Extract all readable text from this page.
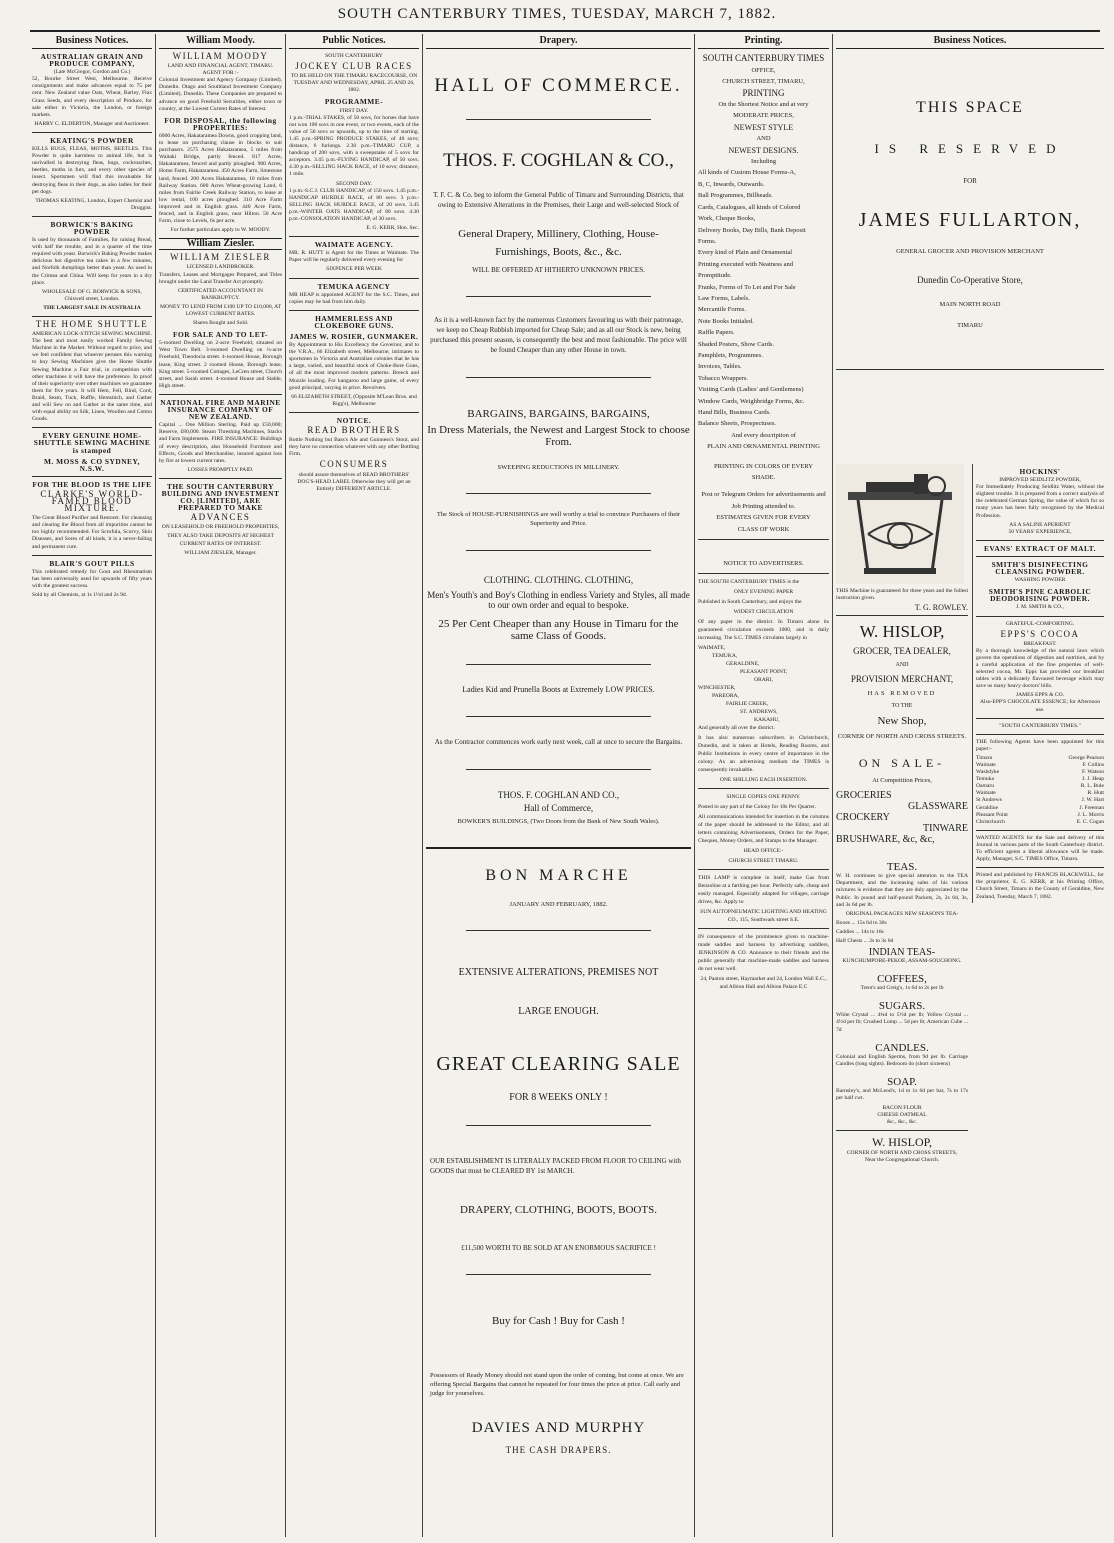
SOUTH CANTERBURY TIMES, TUESDAY, MARCH 7, 1882.
Business Notices.
AUSTRALIAN GRAIN AND PRODUCE COMPANY,
(Late McGregor, Gordon and Co.)

52, Bourke Street West, Melbourne. Receive consignments and make advances equal to 75 per cent. New Zealand value Oats, Wheat, Barley, Flax Grass Seeds, and every description of Produce, for sale either in Victoria, the London, or foreign markets.

HARRY C. ELDERTON, Manager and Auctioneer.

KEATING'S POWDER

KILLS BUGS, FLEAS, MOTHS, BEETLES. This Powder is quite harmless to animal life, but is unrivalled in destroying fleas, bugs, cockroaches, beetles, moths in furs, and every other species of insect. Sportsmen will find this invaluable for destroying fleas in their dogs, as also ladies for their pet dogs.

THOMAS KEATING, London, Expert Chemist and Druggist.

BORWICK'S BAKING POWDER

Is used by thousands of Families, for raising Bread, with half the trouble, and in a quarter of the time required with yeast. Borwick's Baking Powder makes delicious hot digestive tea cakes in a few minutes, and Norfolk dumplings better than yeast. As used in the Crimea and China. Will keep for years in a dry place.

WHOLESALE OF G. BORWICK & SONS, Chiswell street, London.

THE LARGEST SALE IN AUSTRALIA

THE HOME SHUTTLE
AMERICAN LOCK-STITCH SEWING MACHINE.

The best and most easily worked Family Sewing Machine in the Market. Without regard to price, and we feel confident that whoever peruses this warning to buy Sewing Machines give the Home Shuttle Sewing Machine a Fair trial, in competition with other machines it will have the preference. In proof of their superiority over other machines we guarantee them for five years. It will Hem, Fell, Bind, Cord, Braid, Seam, Tuck, Ruffle, Hemstitch, and Gather and will Sew on and Gather at the same time, and with equal ability on Silk, Linen, Woollen and Cotton Goods.

EVERY GENUINE HOME-SHUTTLE SEWING MACHINE is stamped
M. MOSS & CO SYDNEY, N.S.W.
FOR THE BLOOD IS THE LIFE
CLARKE'S WORLD-FAMED BLOOD MIXTURE.

The Great Blood Purifier and Restorer. For cleansing and clearing the Blood from all impurities cannot be too highly recommended. For Scrofula, Scurvy, Skin Diseases, and Sores of all kinds, it is a never-failing and permanent cure.

BLAIR'S GOUT PILLS

This celebrated remedy for Gout and Rheumatism has been universally used for upwards of fifty years with the greatest success.

Sold by all Chemists, at 1s 1½d and 2s 9d.

William Moody.
WILLIAM MOODY
LAND AND FINANCIAL AGENT, TIMARU.
AGENT FOR :-

Colonial Investment and Agency Company (Limited), Dunedin. Otago and Southland Investment Company (Limited), Dunedin. These Companies are prepared to advance on good Freehold Securities, either town or country, at the Lowest Current Rates of Interest.

FOR DISPOSAL, the following PROPERTIES:

6000 Acres, Hakataramea Downs, good cropping land, to lease on purchasing clause in blocks to suit purchasers. 2575 Acres Hakataramea, 5 miles from Waitaki Bridge, partly fenced. 817 Acres, Hakataramea, fenced and partly ploughed. 900 Acres, Home Farm, Hakataramea. 450 Acres Farm, limestone land, fenced. 200 Acres Hakataramea, 10 miles from Railway Station. 600 Acres Wheat-growing Land, 6 miles from Fairlie Creek Railway Station, to lease at low rental, 100 acres ploughed. 310 Acre Farm improved and in English grass. 440 Acre Farm, fenced, and in English grass, near Hilton. 50 Acre Farm, close to Levels, 6s per acre.

For further particulars apply to W. MOODY.

William Ziesler.
WILLIAM ZIESLER
LICENSED LANDBROKER.

Transfers, Leases and Mortgages Prepared, and Titles brought under the Land Transfer Act promptly.

CERTIFICATED ACCOUNTANT IN BANKRUPTCY.

MONEY TO LEND FROM £100 UP TO £10,000, AT LOWEST CURRENT RATES.

Shares Bought and Sold.

FOR SALE AND TO LET-

5-roomed Dwelling on 2-acre Freehold, situated on West Town Belt. 3-roomed Dwelling on ¼-acre Freehold, Theodocia street. 4-roomed House, Borough lease, King street. 2 roomed House, Borough lease, King street. 5-roomed Cottages, LeCren street, Church street, and Sarah street. 4-roomed House and Stable, High street.

NATIONAL FIRE AND MARINE INSURANCE COMPANY OF NEW ZEALAND.

Capital ... One Million Sterling. Paid up £50,000; Reserve, £80,000. Steam Threshing Machines, Stacks and Farm Implements. FIRE INSURANCE: Buildings of every description, also Household Furniture and Effects, Goods and Merchandise, insured against loss by fire at lowest current rates.

LOSSES PROMPTLY PAID.

THE SOUTH CANTERBURY BUILDING AND INVESTMENT CO. [LIMITED], ARE PREPARED TO MAKE
ADVANCES

ON LEASEHOLD OR FREEHOLD PROPERTIES,

THEY ALSO TAKE DEPOSITS AT HIGHEST CURRENT RATES OF INTEREST.

WILLIAM ZIESLER, Manager.

Public Notices.
SOUTH CANTERBURY
JOCKEY CLUB RACES
TO BE HELD ON THE TIMARU RACECOURSE, ON TUESDAY AND WEDNESDAY, APRIL 25 AND 26, 1882.
PROGRAMME-
FIRST DAY.

1 p.m.-TRIAL STAKES, of 50 sovs, for horses that have not won 100 sovs in one event, or two events, each of the value of 50 sovs or upwards, up to the time of starting. 1.45 p.m.-SPRING PRODUCE STAKES, of 40 sovs; distance, 6 furlongs. 2.30 p.m.-TIMARU CUP, a handicap of 200 sovs, with a sweepstake of 5 sovs for acceptors. 3.45 p.m.-FLYING HANDICAP, of 50 sovs. 4.30 p.m.-SELLING HACK RACE, of 10 sovs; distance, 1 mile.

SECOND DAY.

1 p.m.-S.C.J. CLUB HANDICAP, of 150 sovs. 1.45 p.m.-HANDICAP HURDLE RACE, of 80 sovs. 3 p.m.-SELLING HACK HURDLE RACE, of 20 sovs. 3.45 p.m.-WINTER OATS HANDICAP, of 80 sovs. 4.30 p.m.-CONSOLATION HANDICAP, of 30 sovs.

E. G. KERR, Hon. Sec.

WAIMATE AGENCY.

MR. R. HUTT is Agent for the Times at Waimate. The Paper will be regularly delivered every evening for

SIXPENCE PER WEEK

TEMUKA AGENCY

MR HEAP is appointed AGENT for the S.C. Times, and copies may be had from him daily.

HAMMERLESS AND CLOKEBORE GUNS.
JAMES W. ROSIER, GUNMAKER.

By Appointment to His Excellency the Governor, and to the V.R.A., 66 Elizabeth street, Melbourne, intimates to sportsmen in Victoria and Australian colonies that he has a large, varied, and beautiful stock of Choke-Bore Guns, of all the most improved modern patterns. Breech and Muzzle loading. For kangaroo and large game, of every good principal, varying in price. Revolvers.

66 ELIZABETH STREET, (Opposite M'Lean Bros. and Rigg's), Melbourne

NOTICE.
READ BROTHERS

Bottle Nothing but Bass's Ale and Guinness's Stout, and they have no connection whatever with any other Bottling Firm.

CONSUMERS

should assure themselves of READ BROTHERS' DOG'S-HEAD LABEL Otherwise they will get an Entirely DIFFERENT ARTICLE.

Drapery.
HALL OF COMMERCE.
THOS. F. COGHLAN & CO.,
T. F. C. & Co. beg to inform the General Public of Timaru and Surrounding Districts, that owing to Extensive Alterations in the Premises, their Large and well-selected Stock of
General Drapery, Millinery, Clothing, House-
Furnishings, Boots, &c., &c.
WILL BE OFFERED AT HITHERTO UNKNOWN PRICES.
As it is a well-known fact by the numerous Customers favouring us with their patronage, we keep no Cheap Rubbish imported for Cheap Sale; and as all our Stock is new, being purchased this present season, is consequently the best and most fashionable. The price will be found Cheaper than any other House in town.
BARGAINS, BARGAINS, BARGAINS,
In Dress Materials, the Newest and Largest Stock to choose From.
SWEEPING REDUCTIONS IN MILLINERY.
The Stock of HOUSE-FURNISHINGS are well worthy a trial to convince Purchasers of their Superiority and Price.
CLOTHING. CLOTHING. CLOTHING,
Men's Youth's and Boy's Clothing in endless Variety and Styles, all made to our own order and equal to bespoke.
25 Per Cent Cheaper than any House in Timaru for the same Class of Goods.
Ladies Kid and Prunella Boots at Extremely LOW PRICES.
As the Contractor commences work early next week, call at once to secure the Bargains.
THOS. F. COGHLAN AND CO.,
Hall of Commerce,
BOWKER'S BUILDINGS, (Two Doors from the Bank of New South Wales).
BON MARCHE
JANUARY AND FEBRUARY, 1882.
EXTENSIVE ALTERATIONS, PREMISES NOT
LARGE ENOUGH.
GREAT CLEARING SALE
FOR 8 WEEKS ONLY !
OUR ESTABLISHMENT IS LITERALLY PACKED FROM FLOOR TO CEILING with GOODS that must be CLEARED BY 1st MARCH.
DRAPERY, CLOTHING, BOOTS, BOOTS.
£11,500 WORTH TO BE SOLD AT AN ENORMOUS SACRIFICE !
Buy for Cash ! Buy for Cash !
Possessors of Ready Money should not stand upon the order of coming, but come at once. We are offering Special Bargains that cannot be repeated for four times the price at price. Call early and judge for yourselves.
DAVIES AND MURPHY
THE CASH DRAPERS.
Printing.
SOUTH CANTERBURY TIMES
OFFICE,
CHURCH STREET, TIMARU,
PRINTING
On the Shortest Notice and at very
MODERATE PRICES,
NEWEST STYLE
AND
NEWEST DESIGNS.
Including
All kinds of Custom House Forms-A,
B, C, Inwards, Outwards.
Ball Programmes, Billheads.
Cards, Catalogues, all kinds of Colored
Work, Cheque Books,
Delivery Books, Day Bills, Bank Deposit
Forms.
Every kind of Plain and Ornamental
Printing executed with Neatness and
Promptitude.
Franks, Forms of To Let and For Sale
Law Forms, Labels.
Mercantile Forms.
Note Books Initialed.
Raffle Papers.
Shaded Posters, Show Cards.
Pamphlets, Programmes.
Invoices, Tables.
Tobacco Wrappers.
Visiting Cards (Ladies' and Gentlemens)
Window Cards, Weighbridge Forms, &c.
Hand Bills, Business Cards.
Balance Sheets, Prospectuses.
And every description of
PLAIN AND ORNAMENTAL PRINTING
PRINTING IN COLORS OF EVERY
SHADE.
Post or Telegram Orders for advertisements and Job Printing attended to.
ESTIMATES GIVEN FOR EVERY
CLASS OF WORK
NOTICE TO ADVERTISERS.

THE SOUTH CANTERBURY TIMES is the

ONLY EVENING PAPER

Published in South Canterbury, and enjoys the

WIDEST CIRCULATION

Of any paper in the district. In Timaru alone its guaranteed circulation exceeds 1000, and is daily increasing. The S.C. TIMES circulates largely in

WAIMATE,
TEMUKA,
GERALDINE,
PLEASANT POINT,
ORARI,
WINCHESTER,
PAREORA,
FAIRLIE CREEK,
ST. ANDREWS,
KAKAHU,

And generally all over the district.

It has also numerous subscribers in Christchurch, Dunedin, and is taken at Hotels, Reading Rooms, and Public Institutions in every centre of importance in the colony. As an advertising medium the TIMES is consequently invaluable.

ONE SHILLING EACH INSERTION.

SINGLE COPIES ONE PENNY.

Posted to any part of the Colony for 10s Per Quarter.

All communications intended for insertion in the columns of the paper should be addressed to the Editor, and all letters containing Advertisements, Orders for the Paper, Cheques, Money Orders, and Stamps to the Manager.

HEAD OFFICE:-

CHURCH STREET TIMARU.

THIS LAMP is complete in itself, make Gas from Benzoline at a farthing per hour. Perfectly safe, cheap and easily managed. Especially adapted for villages, carriage drives, &c. Apply to

SUN AUTOPNEUMATIC LIGHTING AND HEATING CO., 115, Southwark street S.E.

IN consequence of the prominence given to machine-made saddles and harness by advertising saddlers, JENKINSON & CO. Announce to their friends and the public generally that machine-made saddles and harness do not wear well.

24, Panton street, Haymarket and 24, London Wall E.C., and Albion Hall and Albion Palace E.C

Business Notices.
THIS SPACE
IS RESERVED
FOR
JAMES FULLARTON,
GENERAL GROCER AND PROVISION MERCHANT
Dunedin Co-Operative Store,
MAIN NORTH ROAD
TIMARU

THIS Machine is guaranteed for three years and the fullest instruction given.

T. G. ROWLEY.

W. HISLOP,
GROCER, TEA DEALER,
AND
PROVISION MERCHANT,
HAS REMOVED
TO THE
New Shop,
CORNER OF NORTH AND CROSS STREETS.
ON SALE-
At Competition Prices,
GROCERIES
GLASSWARE
CROCKERY
TINWARE
BRUSHWARE, &c, &c,
TEAS.

W. H. continues to give special attention to the TEA Department, and the increasing sales of his various mixtures is evidence that they are duly appreciated by the Public. In pound and half-pound Packets, 2s, 2s 6d, 3s, and 3s 6d per lb.

ORIGINAL PACKAGES NEW SEASON'S TEA-

Boxes ... 15s 6d to 30s

Caddies ... 14s to 16s

Half Chests ... 2s to 3s 6d

INDIAN TEAS-
KUNCHUMPORE-PEKOE, ASSAM-SOUCHONG.
COFFEES,
Trent's and Greig's, 1s 6d to 2s per lb
SUGARS.
White Crystal ... 4¾d to 5½d per lb; Yellow Crystal ... 4½d per lb; Crushed Lump ... 5d per lb; American Cube ... 7d
CANDLES.
Colonial and English Sperms, from 9d per lb. Carriage Candles (long sights). Bedroom do (short sixteens)
SOAP.
Barnsley's, and McLeod's, 1d to 1s 6d per bar, 7s to 17s per half cwt.
BACON FLOUR
CHEESE OATMEAL
&c., &c., &c.
W. HISLOP,
CORNER OF NORTH AND CROSS STREETS,
Near the Congregational Church.
HOCKINS'
IMPROVED SEIDLITZ POWDER,

For Immediately Producing Seidlitz Water, without the slightest trouble. It is prepared from a correct analysis of the celebrated German Spring, the value of which for so many years has been fully recognised by the Medical Profession.

AS A SALINE APERIENT
50 YEARS' EXPERIENCE,
EVANS' EXTRACT OF MALT.
SMITH'S DISINFECTING CLEANSING POWDER.
WASHING POWDER
SMITH'S PINE CARBOLIC DEODORISING POWDER.
J. M. SMITH & CO.,
GRATEFUL-COMFORTING.
EPPS'S COCOA
BREAKFAST.

By a thorough knowledge of the natural laws which govern the operations of digestion and nutrition, and by a careful application of the fine properties of well-selected cocoa, Mr. Epps has provided our breakfast tables with a delicately flavoured beverage which may save us many heavy doctors' bills.

JAMES EPPS & CO.
Also-EPP'S CHOCOLATE ESSENCE; for Afternoon use.
"SOUTH CANTERBURY TIMES."

THE following Agents have been appointed for this paper:-

Timaru	George Pearson
Waimate	F. Collins
Washdyke	F. Watson
Temuka	J. J. Heap
Oamaru	R. L. Bule
Waimate	R. Hutt
St Andrews	J. W. Hart
Geraldine	J. Freeman
Pleasant Point	J. L. Morris
Christchurch	E. C. Cogan

WANTED AGENTS for the Sale and delivery of this Journal in various parts of the South Canterbury district. To efficient agents a liberal allowance will be made. Apply, Manager, S.C. TIMES Office, Timaru.

Printed and published by FRANCIS BLACKWELL, for the proprietor, E. G. KERR, at his Printing Office, Church Street, Timaru in the County of Geraldine, New Zealand, Tuesday, March 7, 1882.
